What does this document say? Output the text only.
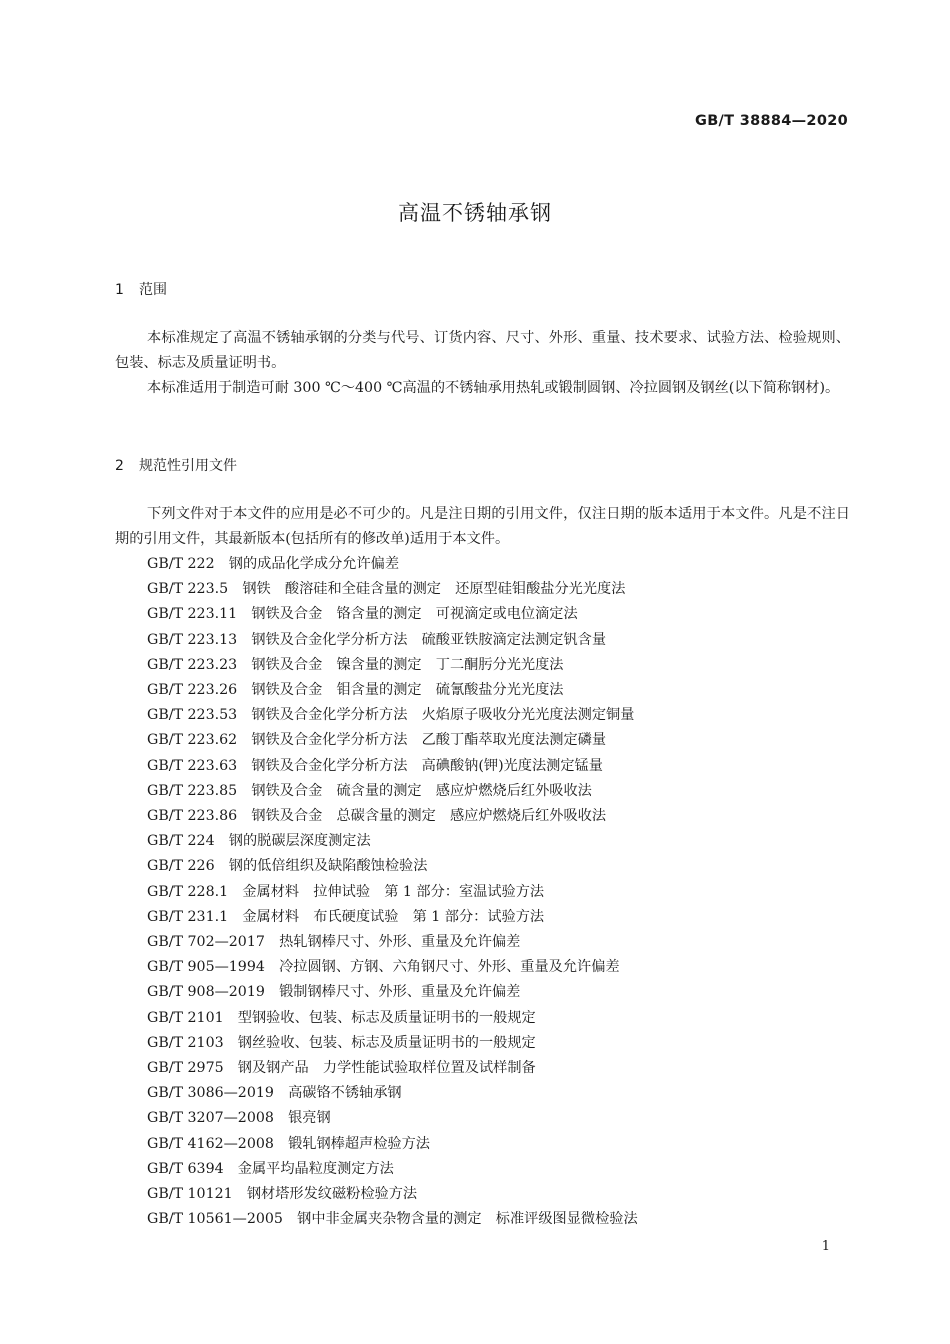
GB/T 38884—2020
高温不锈轴承钢
1 范围
本标准规定了高温不锈轴承钢的分类与代号、订货内容、尺寸、外形、重量、技术要求、试验方法、检验规则、包装、标志及质量证明书。
本标准适用于制造可耐 300 ℃～400 ℃高温的不锈轴承用热轧或锻制圆钢、冷拉圆钢及钢丝(以下简称钢材)。
2 规范性引用文件
下列文件对于本文件的应用是必不可少的。凡是注日期的引用文件，仅注日期的版本适用于本文件。凡是不注日期的引用文件，其最新版本(包括所有的修改单)适用于本文件。
GB/T 222　钢的成品化学成分允许偏差
GB/T 223.5　钢铁　酸溶硅和全硅含量的测定　还原型硅钼酸盐分光光度法
GB/T 223.11　钢铁及合金　铬含量的测定　可视滴定或电位滴定法
GB/T 223.13　钢铁及合金化学分析方法　硫酸亚铁胺滴定法测定钒含量
GB/T 223.23　钢铁及合金　镍含量的测定　丁二酮肟分光光度法
GB/T 223.26　钢铁及合金　钼含量的测定　硫氰酸盐分光光度法
GB/T 223.53　钢铁及合金化学分析方法　火焰原子吸收分光光度法测定铜量
GB/T 223.62　钢铁及合金化学分析方法　乙酸丁酯萃取光度法测定磷量
GB/T 223.63　钢铁及合金化学分析方法　高碘酸钠(钾)光度法测定锰量
GB/T 223.85　钢铁及合金　硫含量的测定　感应炉燃烧后红外吸收法
GB/T 223.86　钢铁及合金　总碳含量的测定　感应炉燃烧后红外吸收法
GB/T 224　钢的脱碳层深度测定法
GB/T 226　钢的低倍组织及缺陷酸蚀检验法
GB/T 228.1　金属材料　拉伸试验　第 1 部分：室温试验方法
GB/T 231.1　金属材料　布氏硬度试验　第 1 部分：试验方法
GB/T 702—2017　热轧钢棒尺寸、外形、重量及允许偏差
GB/T 905—1994　冷拉圆钢、方钢、六角钢尺寸、外形、重量及允许偏差
GB/T 908—2019　锻制钢棒尺寸、外形、重量及允许偏差
GB/T 2101　型钢验收、包装、标志及质量证明书的一般规定
GB/T 2103　钢丝验收、包装、标志及质量证明书的一般规定
GB/T 2975　钢及钢产品　力学性能试验取样位置及试样制备
GB/T 3086—2019　高碳铬不锈轴承钢
GB/T 3207—2008　银亮钢
GB/T 4162—2008　锻轧钢棒超声检验方法
GB/T 6394　金属平均晶粒度测定方法
GB/T 10121　钢材塔形发纹磁粉检验方法
GB/T 10561—2005　钢中非金属夹杂物含量的测定　标准评级图显微检验法
1
